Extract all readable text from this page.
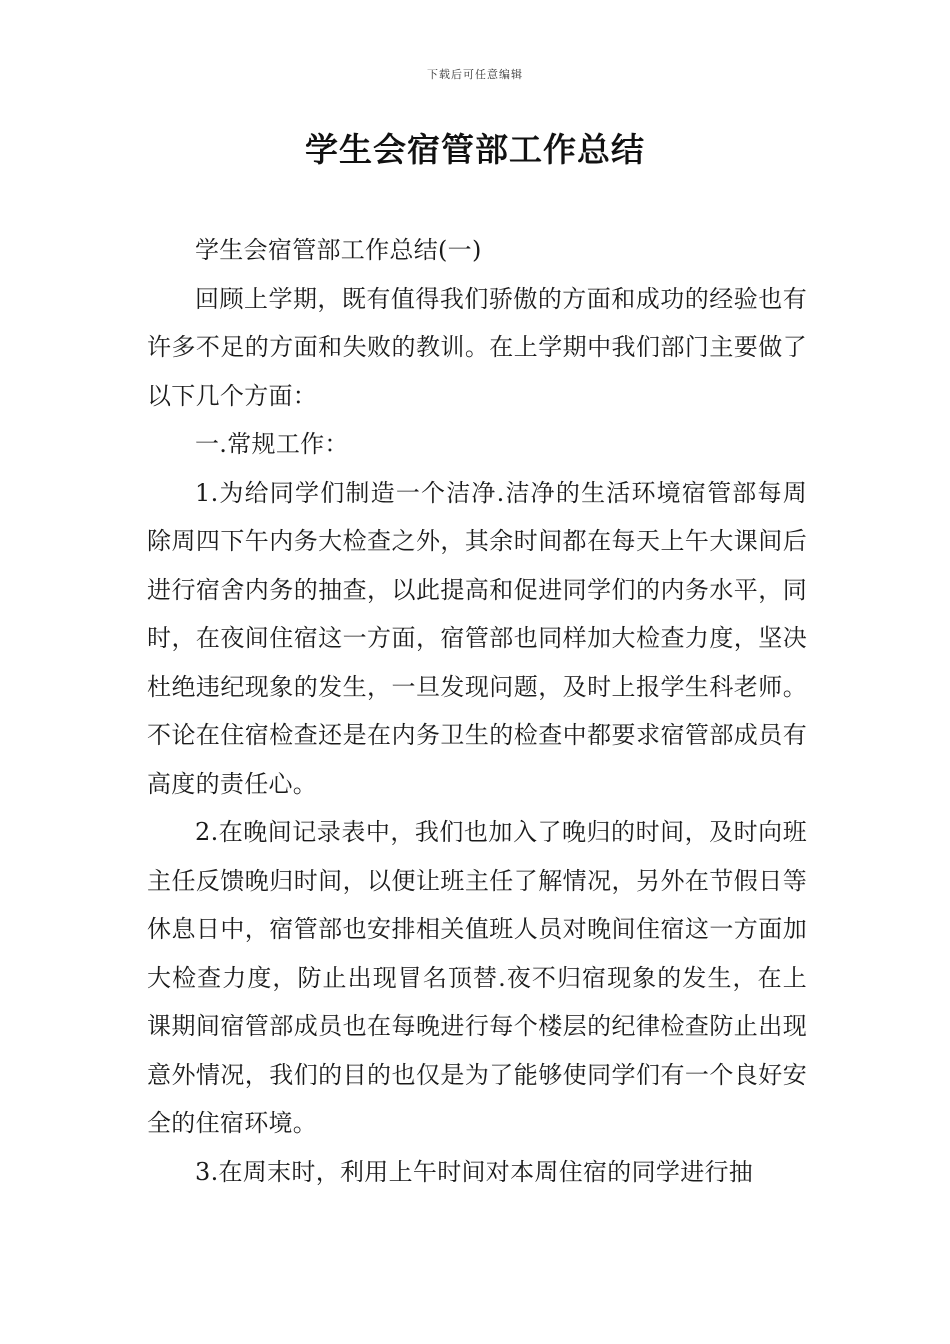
下载后可任意编辑
学生会宿管部工作总结

学生会宿管部工作总结(一)

回顾上学期，既有值得我们骄傲的方面和成功的经验也有许多不足的方面和失败的教训。在上学期中我们部门主要做了以下几个方面：

一.常规工作：

1.为给同学们制造一个洁净.洁净的生活环境宿管部每周除周四下午内务大检查之外，其余时间都在每天上午大课间后进行宿舍内务的抽查，以此提高和促进同学们的内务水平，同时，在夜间住宿这一方面，宿管部也同样加大检查力度，坚决杜绝违纪现象的发生，一旦发现问题，及时上报学生科老师。不论在住宿检查还是在内务卫生的检查中都要求宿管部成员有高度的责任心。

2.在晚间记录表中，我们也加入了晚归的时间，及时向班主任反馈晚归时间，以便让班主任了解情况，另外在节假日等休息日中，宿管部也安排相关值班人员对晚间住宿这一方面加大检查力度，防止出现冒名顶替.夜不归宿现象的发生，在上课期间宿管部成员也在每晚进行每个楼层的纪律检查防止出现意外情况，我们的目的也仅是为了能够使同学们有一个良好安全的住宿环境。

3.在周末时，利用上午时间对本周住宿的同学进行抽
